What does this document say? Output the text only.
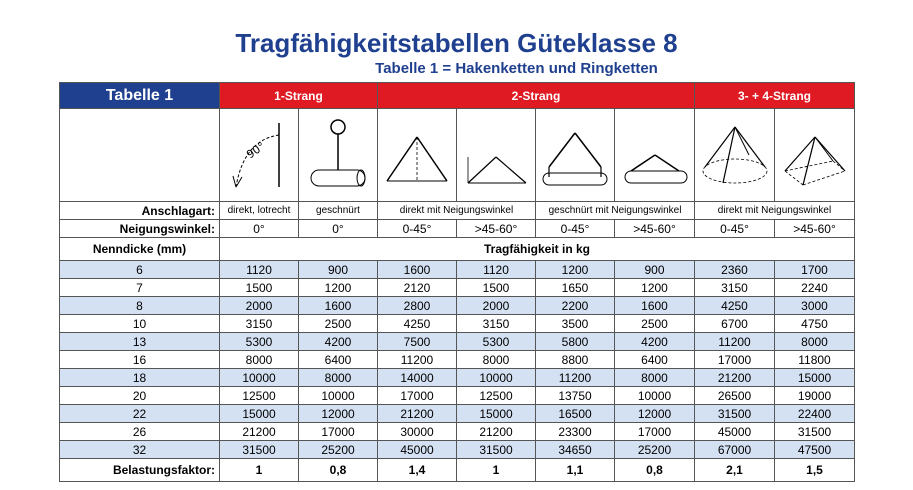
Tragfähigkeitstabellen Güteklasse 8
Tabelle 1 = Hakenketten und Ringketten
Tabelle 1	1-Strang		2-Strang				3- + 4-Strang	

90°

Anschlagart:	direkt, lotrecht	geschnürt	direkt mit Neigungswinkel		geschnürt mit Neigungswinkel		direkt mit Neigungswinkel	
Neigungswinkel:	0°	0°	0-45°	>45-60°	0-45°	>45-60°	0-45°	>45-60°
Nenndicke (mm)	Tragfähigkeit in kg							
6	1120	900	1600	1120	1200	900	2360	1700
7	1500	1200	2120	1500	1650	1200	3150	2240
8	2000	1600	2800	2000	2200	1600	4250	3000
10	3150	2500	4250	3150	3500	2500	6700	4750
13	5300	4200	7500	5300	5800	4200	11200	8000
16	8000	6400	11200	8000	8800	6400	17000	11800
18	10000	8000	14000	10000	11200	8000	21200	15000
20	12500	10000	17000	12500	13750	10000	26500	19000
22	15000	12000	21200	15000	16500	12000	31500	22400
26	21200	17000	30000	21200	23300	17000	45000	31500
32	31500	25200	45000	31500	34650	25200	67000	47500
Belastungsfaktor:	1	0,8	1,4	1	1,1	0,8	2,1	1,5
